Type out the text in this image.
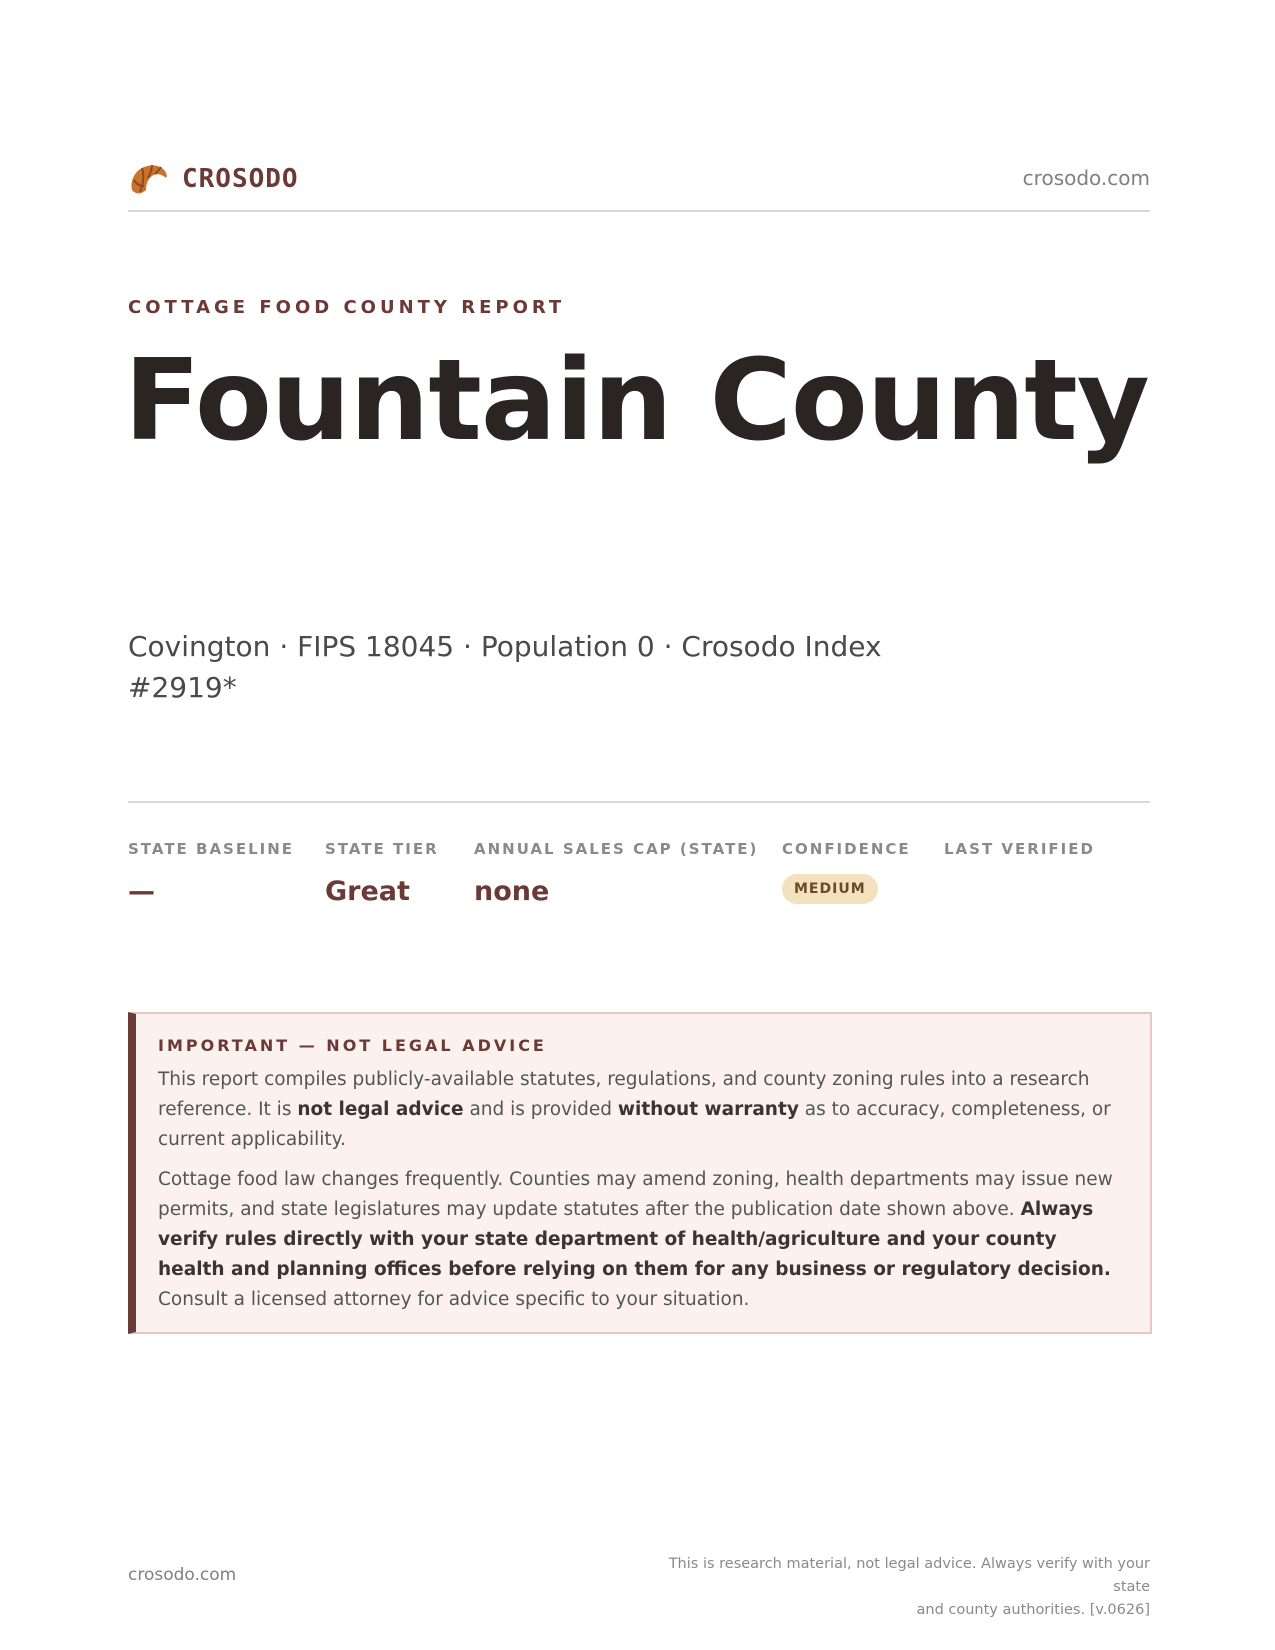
CROSODO	crosodo.com
COTTAGE FOOD COUNTY REPORT
Fountain County
Covington · FIPS 18045 · Population 0 · Crosodo Index #2919*
STATE BASELINE
—
STATE TIER
Great
ANNUAL SALES CAP (STATE)
none
CONFIDENCE
MEDIUM
LAST VERIFIED
IMPORTANT — NOT LEGAL ADVICE

This report compiles publicly-available statutes, regulations, and county zoning rules into a research reference. It is not legal advice and is provided without warranty as to accuracy, completeness, or current applicability.

Cottage food law changes frequently. Counties may amend zoning, health departments may issue new permits, and state legislatures may update statutes after the publication date shown above. Always verify rules directly with your state department of health/agriculture and your county health and planning offices before relying on them for any business or regulatory decision. Consult a licensed attorney for advice specific to your situation.

crosodo.com
This is research material, not legal advice. Always verify with your state
and county authorities. [v.0626]
